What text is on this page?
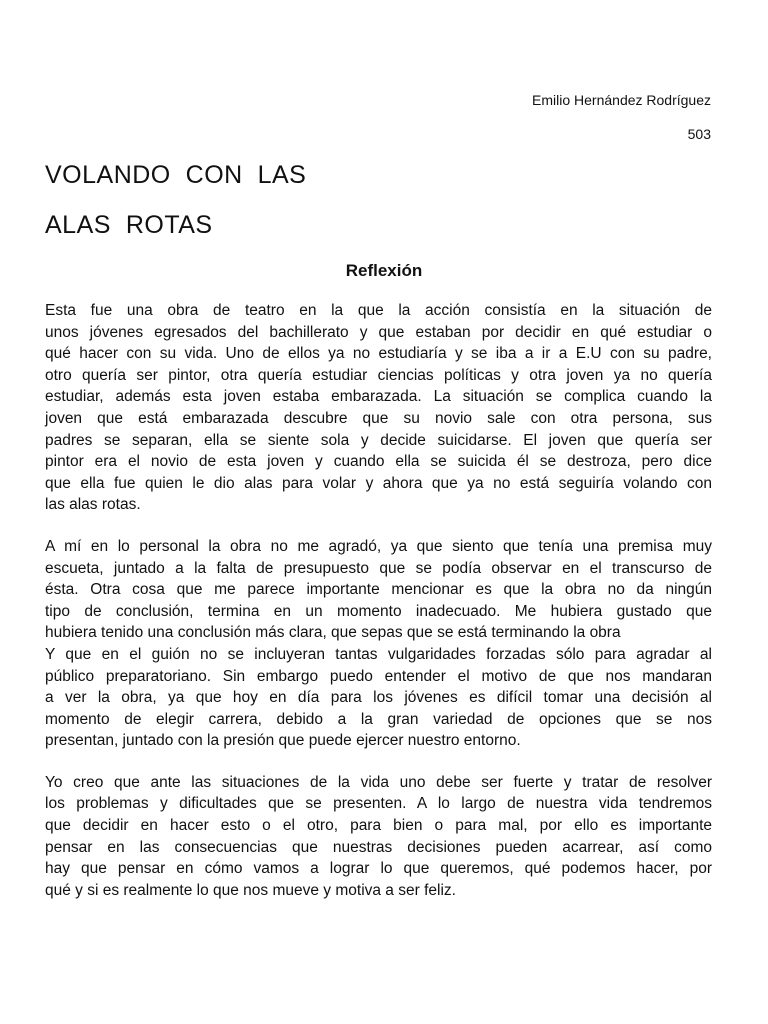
Emilio Hernández Rodríguez
503
VOLANDO  CON  LAS
ALAS  ROTAS
Reflexión

Esta fue una obra de teatro en la que la acción consistía en la situación de
unos jóvenes egresados del bachillerato y que estaban por decidir en qué estudiar o
qué hacer con su vida. Uno de ellos ya no estudiaría y se iba a ir a E.U con su padre,
otro quería ser pintor, otra quería estudiar ciencias políticas y otra joven ya no quería
estudiar, además esta joven estaba embarazada. La situación se complica cuando la
joven que está embarazada descubre que su novio sale con otra persona, sus
padres se separan, ella se siente sola y decide suicidarse. El joven que quería ser
pintor era el novio de esta joven y cuando ella se suicida él se destroza, pero dice
que ella fue quien le dio alas para volar y ahora que ya no está seguiría volando con
las alas rotas.

A mí en lo personal la obra no me agradó, ya que siento que tenía una premisa muy
escueta, juntado a la falta de presupuesto que se podía observar en el transcurso de
ésta. Otra cosa que me parece importante mencionar es que la obra no da ningún
tipo de conclusión, termina en un momento inadecuado. Me hubiera gustado que
hubiera tenido una conclusión más clara, que sepas que se está terminando la obra
Y que en el guión no se incluyeran tantas vulgaridades forzadas sólo para agradar al
público preparatoriano. Sin embargo puedo entender el motivo de que nos mandaran
a ver la obra, ya que hoy en día para los jóvenes es difícil tomar una decisión al
momento de elegir carrera, debido a la gran variedad de opciones que se nos
presentan, juntado con la presión que puede ejercer nuestro entorno.

Yo creo que ante las situaciones de la vida uno debe ser fuerte y tratar de resolver
los problemas y dificultades que se presenten. A lo largo de nuestra vida tendremos
que decidir en hacer esto o el otro, para bien o para mal, por ello es importante
pensar en las consecuencias que nuestras decisiones pueden acarrear, así como
hay que pensar en cómo vamos a lograr lo que queremos, qué podemos hacer, por
qué y si es realmente lo que nos mueve y motiva a ser feliz.
